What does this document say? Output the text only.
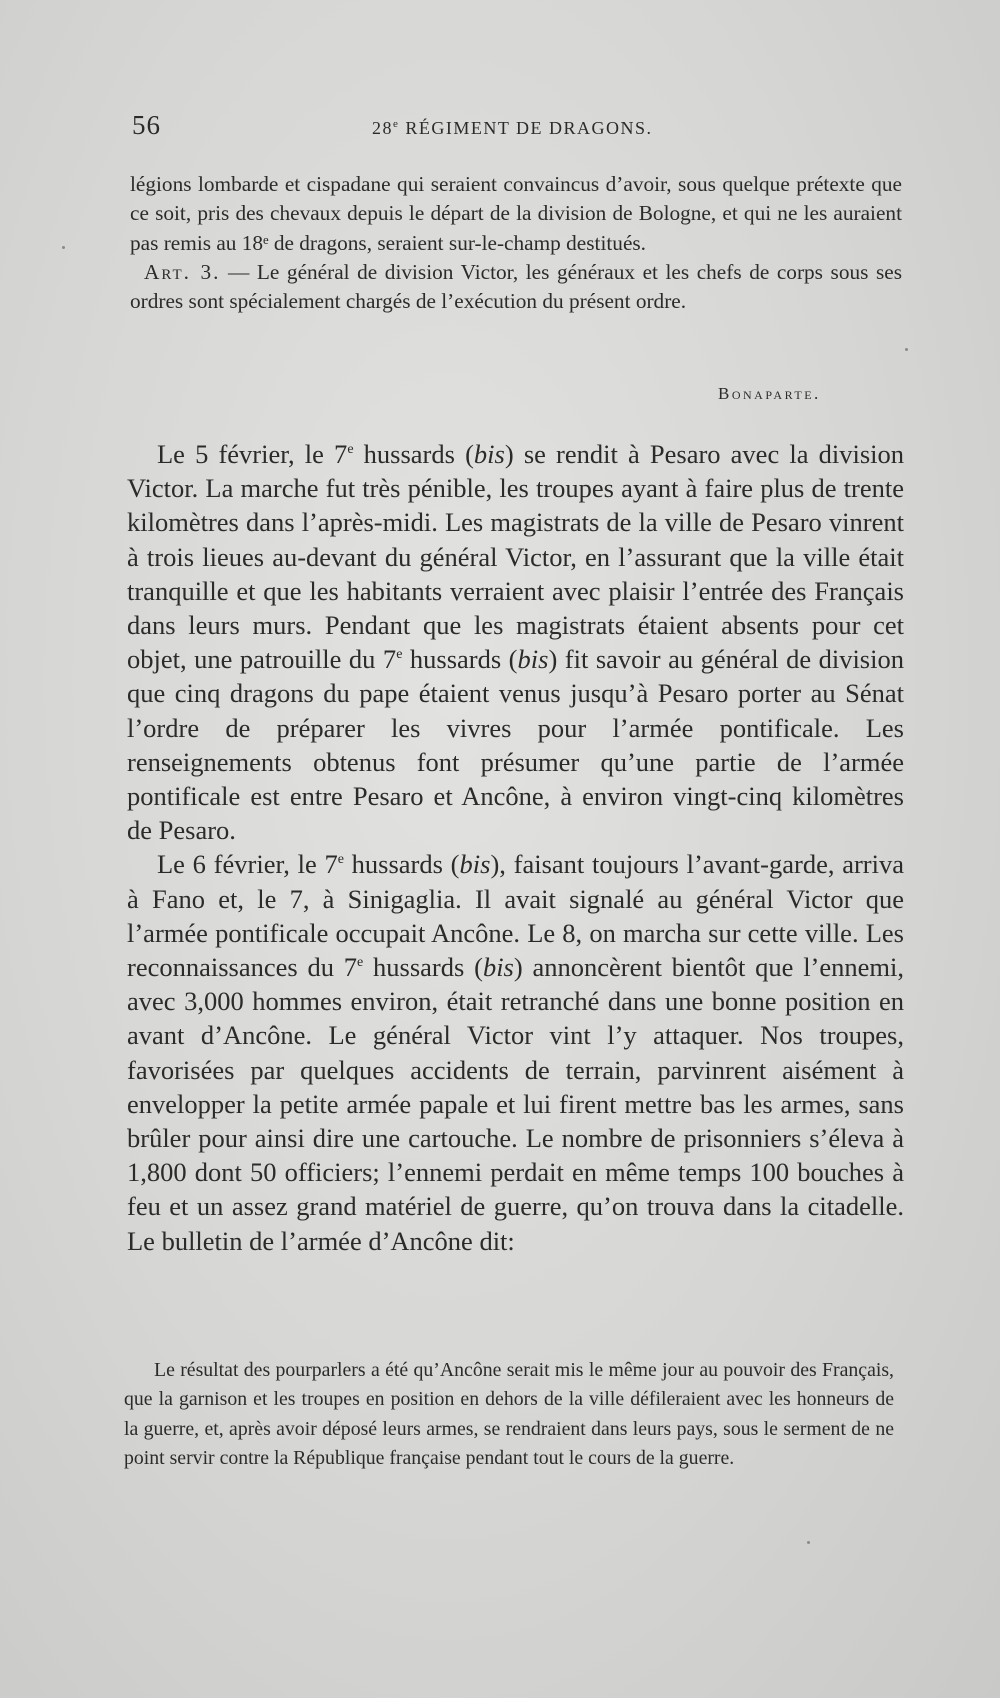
56	28e RÉGIMENT DE DRAGONS.

légions lombarde et cispadane qui seraient convaincus d’avoir, sous quelque prétexte que ce soit, pris des chevaux depuis le départ de la division de Bologne, et qui ne les auraient pas remis au 18ᵉ de dragons, seraient sur-le-champ destitués.

Art. 3. — Le général de division Victor, les généraux et les chefs de corps sous ses ordres sont spécialement chargés de l’exécution du présent ordre.

Bonaparte.

Le 5 février, le 7e hussards (bis) se rendit à Pesaro avec la division Victor. La marche fut très pénible, les troupes ayant à faire plus de trente kilomètres dans l’après-midi. Les magistrats de la ville de Pesaro vinrent à trois lieues au-devant du général Victor, en l’assurant que la ville était tranquille et que les habitants verraient avec plaisir l’entrée des Français dans leurs murs. Pendant que les magistrats étaient absents pour cet objet, une patrouille du 7e hussards (bis) fit savoir au général de division que cinq dragons du pape étaient venus jusqu’à Pesaro porter au Sénat l’ordre de préparer les vivres pour l’armée pontificale. Les renseignements obtenus font présumer qu’une partie de l’armée pontificale est entre Pesaro et Ancône, à environ vingt-cinq kilomètres de Pesaro.

Le 6 février, le 7e hussards (bis), faisant toujours l’avant-garde, arriva à Fano et, le 7, à Sinigaglia. Il avait signalé au général Victor que l’armée pontificale occupait Ancône. Le 8, on marcha sur cette ville. Les reconnaissances du 7e hussards (bis) annoncèrent bientôt que l’ennemi, avec 3,000 hommes environ, était retranché dans une bonne position en avant d’Ancône. Le général Victor vint l’y attaquer. Nos troupes, favorisées par quelques accidents de terrain, parvinrent aisément à envelopper la petite armée papale et lui firent mettre bas les armes, sans brûler pour ainsi dire une cartouche. Le nombre de prisonniers s’éleva à 1,800 dont 50 officiers; l’ennemi perdait en même temps 100 bouches à feu et un assez grand matériel de guerre, qu’on trouva dans la citadelle. Le bulletin de l’armée d’Ancône dit:

Le résultat des pourparlers a été qu’Ancône serait mis le même jour au pouvoir des Français, que la garnison et les troupes en position en dehors de la ville défileraient avec les honneurs de la guerre, et, après avoir déposé leurs armes, se rendraient dans leurs pays, sous le serment de ne point servir contre la République française pendant tout le cours de la guerre.
